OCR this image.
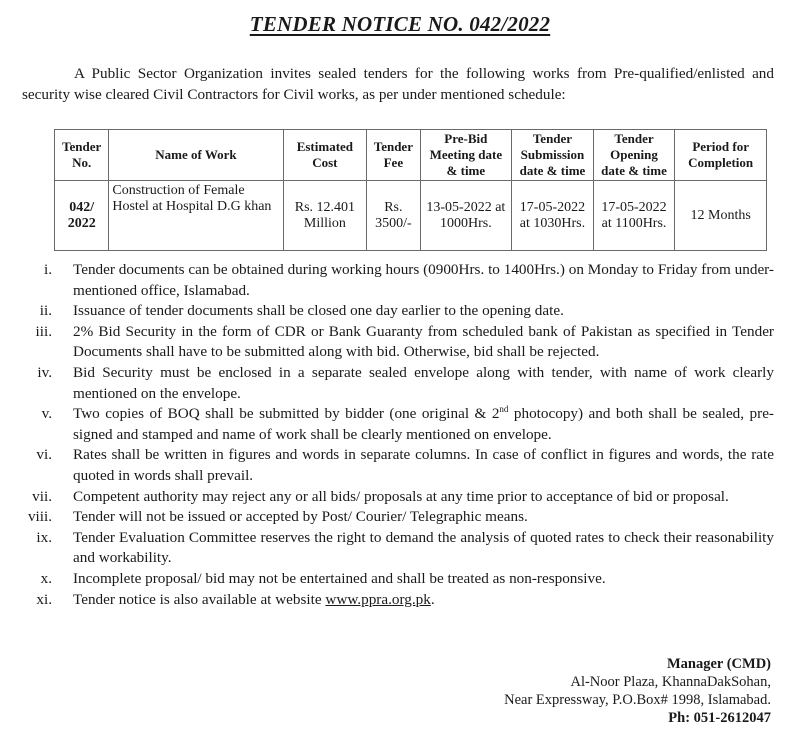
TENDER NOTICE NO. 042/2022
A Public Sector Organization invites sealed tenders for the following works from Pre-qualified/enlisted and security wise cleared Civil Contractors for Civil works, as per under mentioned schedule:
Tender No.	Name of Work	Estimated Cost	Tender Fee	Pre-Bid Meeting date & time	Tender Submission date & time	Tender Opening date & time	Period for Completion
042/ 2022	Construction of Female Hostel at Hospital D.G khan	Rs. 12.401 Million	Rs. 3500/-	13-05-2022 at 1000Hrs.	17-05-2022 at 1030Hrs.	17-05-2022 at 1100Hrs.	12 Months
i. Tender documents can be obtained during working hours (0900Hrs. to 1400Hrs.) on Monday to Friday from under- mentioned office, Islamabad.
ii. Issuance of tender documents shall be closed one day earlier to the opening date.
iii. 2% Bid Security in the form of CDR or Bank Guaranty from scheduled bank of Pakistan as specified in Tender Documents shall have to be submitted along with bid. Otherwise, bid shall be rejected.
iv. Bid Security must be enclosed in a separate sealed envelope along with tender, with name of work clearly mentioned on the envelope.
v. Two copies of BOQ shall be submitted by bidder (one original & 2nd photocopy) and both shall be sealed, pre-signed and stamped and name of work shall be clearly mentioned on envelope.
vi. Rates shall be written in figures and words in separate columns. In case of conflict in figures and words, the rate quoted in words shall prevail.
vii. Competent authority may reject any or all bids/ proposals at any time prior to acceptance of bid or proposal.
viii. Tender will not be issued or accepted by Post/ Courier/ Telegraphic means.
ix. Tender Evaluation Committee reserves the right to demand the analysis of quoted rates to check their reasonability and workability.
x. Incomplete proposal/ bid may not be entertained and shall be treated as non-responsive.
xi. Tender notice is also available at website www.ppra.org.pk.
Manager (CMD)
Al-Noor Plaza, KhannaDakSohan,
Near Expressway, P.O.Box# 1998, Islamabad.
Ph: 051-2612047
